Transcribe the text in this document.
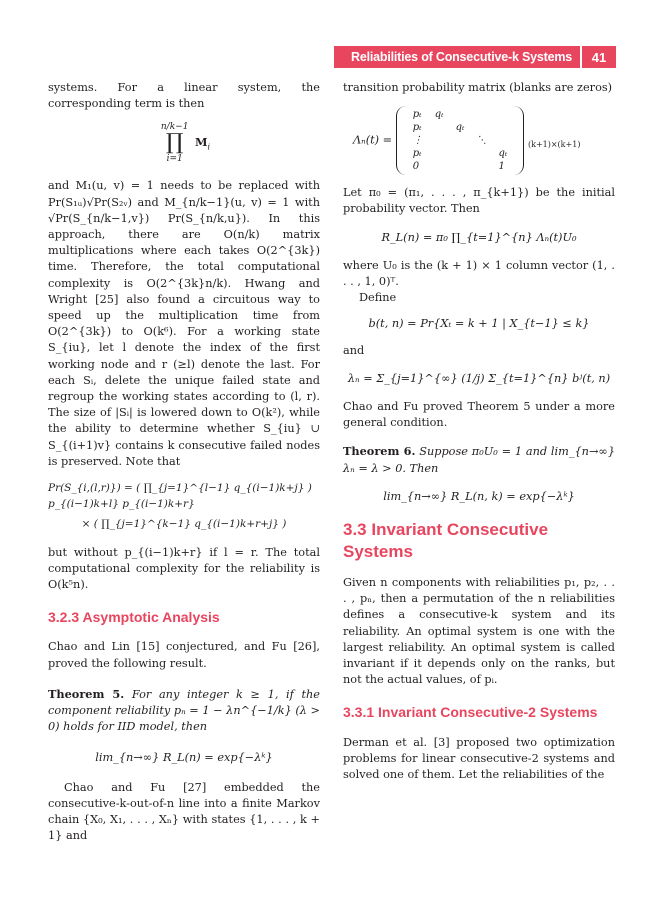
Reliabilities of Consecutive-k Systems	41

systems. For a linear system, the corresponding term is then

n/k−1
∏
i=1
$M_i$

and M₁(u, v) = 1 needs to be replaced with Pr(S₁ᵤ)√Pr(S₂ᵥ) and M_{n/k−1}(u, v) = 1 with √Pr(S_{n/k−1,v}) Pr(S_{n/k,u}). In this approach, there are O(n/k) matrix multiplications where each takes O(2^{3k}) time. Therefore, the total computational complexity is O(2^{3k}n/k). Hwang and Wright [25] also found a circuitous way to speed up the multiplication time from O(2^{3k}) to O(k⁶). For a working state S_{iu}, let l denote the index of the first working node and r (≥l) denote the last. For each Sᵢ, delete the unique failed state and regroup the working states according to (l, r). The size of |Sᵢ| is lowered down to O(k²), while the ability to determine whether S_{iu} ∪ S_{(i+1)v} contains k consecutive failed nodes is preserved. Note that

Pr(S_{i,(l,r)}) = ( ∏_{j=1}^{l−1} q_{(i−1)k+j} ) p_{(i−1)k+l} p_{(i−1)k+r}
× ( ∏_{j=1}^{k−1} q_{(i−1)k+r+j} )

but without p_{(i−1)k+r} if l = r. The total computational complexity for the reliability is O(k⁵n).

3.2.3 Asymptotic Analysis

Chao and Lin [15] conjectured, and Fu [26], proved the following result.

Theorem 5. For any integer k ≥ 1, if the component reliability pₙ = 1 − λn^{−1/k} (λ > 0) holds for IID model, then

lim_{n→∞} R_L(n) = exp{−λᵏ}

Chao and Fu [27] embedded the consecutive-k-out-of-n line into a finite Markov chain {X₀, X₁, . . . , Xₙ} with states {1, . . . , k + 1} and

transition probability matrix (blanks are zeros)

Λₙ(t) =
pₜ	qₜ			
pₜ		qₜ		
⋮			⋱	
pₜ				qₜ
0				1
$_{(k+1)\times(k+1)}$

Let π₀ = (π₁, . . . , π_{k+1}) be the initial probability vector. Then

R_L(n) = π₀ ∏_{t=1}^{n} Λₙ(t)U₀

where U₀ is the (k + 1) × 1 column vector (1, . . . , 1, 0)ᵀ.

Define

b(t, n) = Pr{Xₜ = k + 1 | X_{t−1} ≤ k}

and

λₙ = Σ_{j=1}^{∞} (1/j) Σ_{t=1}^{n} bʲ(t, n)

Chao and Fu proved Theorem 5 under a more general condition.

Theorem 6. Suppose π₀U₀ = 1 and lim_{n→∞} λₙ = λ > 0. Then

lim_{n→∞} R_L(n, k) = exp{−λᵏ}
3.3 Invariant Consecutive Systems

Given n components with reliabilities p₁, p₂, . . . , pₙ, then a permutation of the n reliabilities defines a consecutive-k system and its reliability. An optimal system is one with the largest reliability. An optimal system is called invariant if it depends only on the ranks, but not the actual values, of pᵢ.

3.3.1 Invariant Consecutive-2 Systems

Derman et al. [3] proposed two optimization problems for linear consecutive-2 systems and solved one of them. Let the reliabilities of the
